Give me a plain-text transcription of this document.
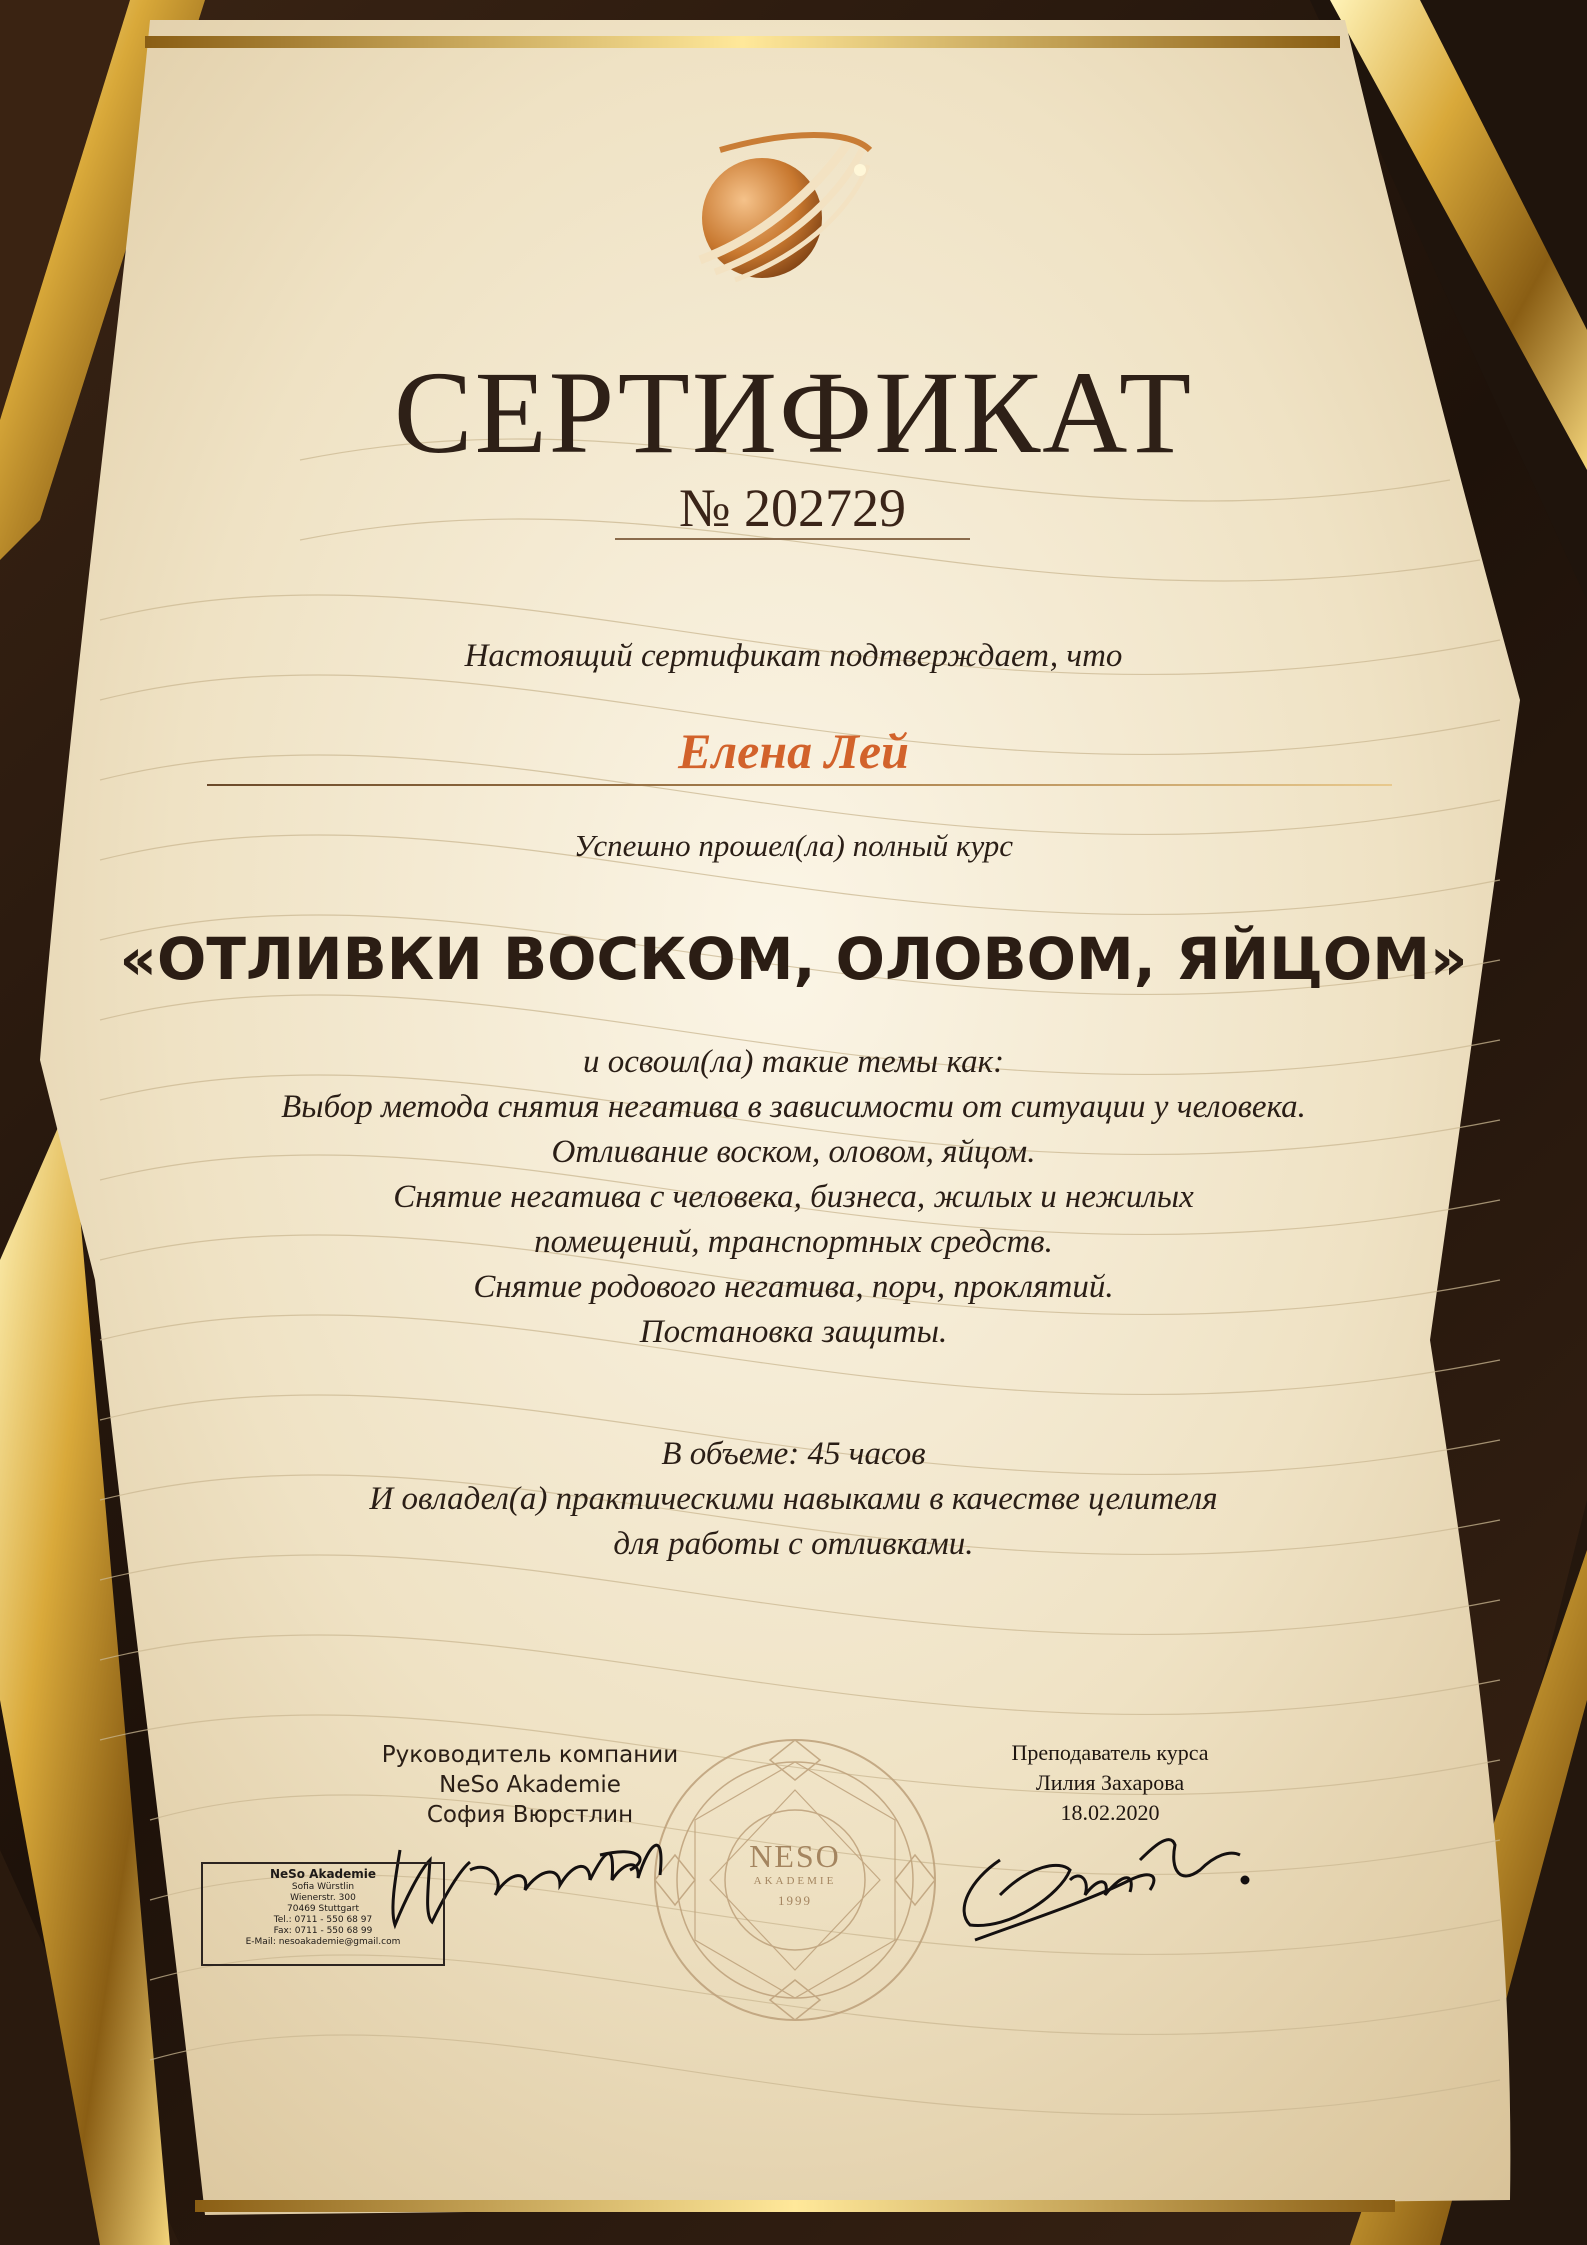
СЕРТИФИКАТ
№ 202729
Настоящий сертификат подтверждает, что
Елена Лей
Успешно прошел(ла) полный курс
«ОТЛИВКИ ВОСКОМ, ОЛОВОМ, ЯЙЦОМ»
и освоил(ла) такие темы как:
Выбор метода снятия негатива в зависимости от ситуации у человека.
Отливание воском, оловом, яйцом.
Снятие негатива с человека, бизнеса, жилых и нежилых
помещений, транспортных средств.
Снятие родового негатива, порч, проклятий.
Постановка защиты.
В объеме: 45 часов
И овладел(а) практическими навыками в качестве целителя
для работы с отливками.
Руководитель компании
NeSo Akademie
София Вюрстлин
Преподаватель курса
Лилия Захарова
18.02.2020
NeSo Akademie
Sofia Würstlin
Wienerstr. 300
70469 Stuttgart
Tel.: 0711 - 550 68 97
Fax: 0711 - 550 68 99
E-Mail: nesoakademie@gmail.com
NESO
AKADEMIE
1999
